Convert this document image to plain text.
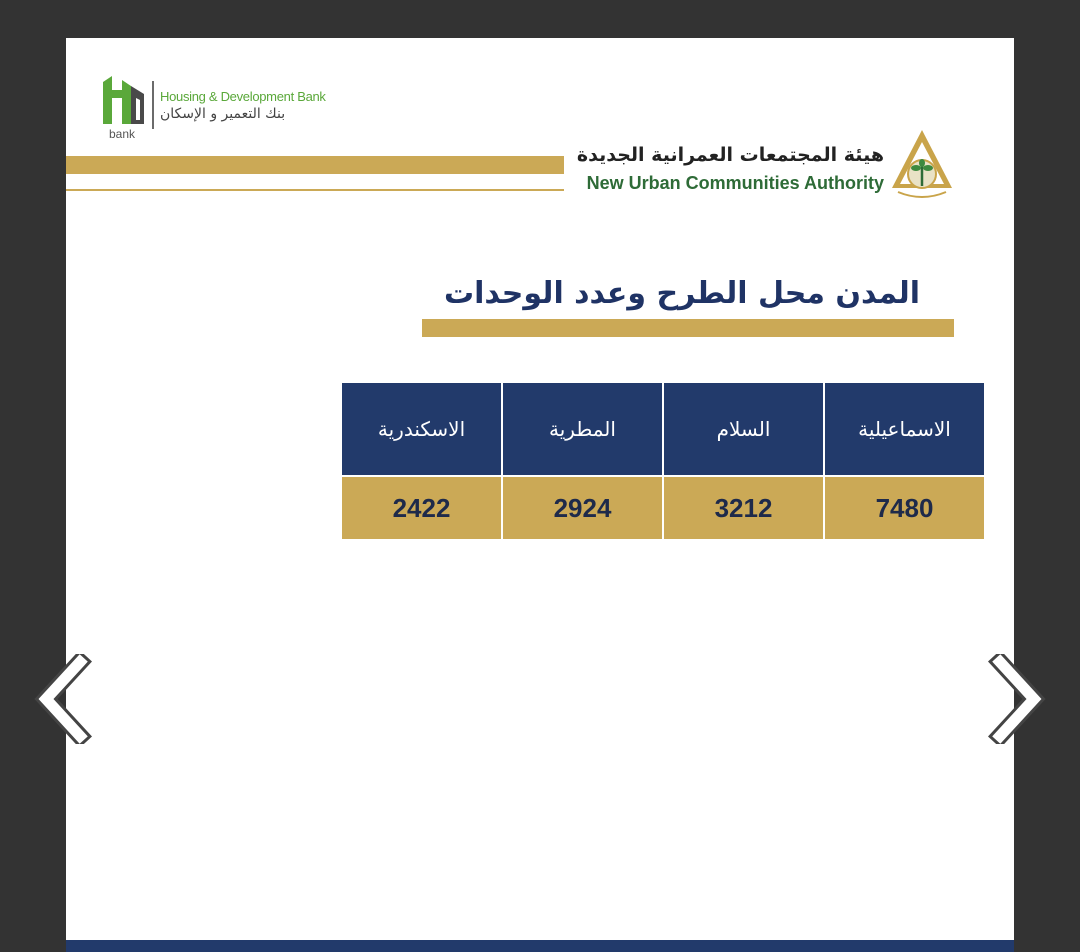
bank
Housing & Development Bank
بنك التعمير و الإسكان
هيئة المجتمعات العمرانية الجديدة
New Urban Communities Authority
المدن محل الطرح وعدد الوحدات
الاسماعيلية	السلام	المطرية	الاسكندرية
7480	3212	2924	2422
